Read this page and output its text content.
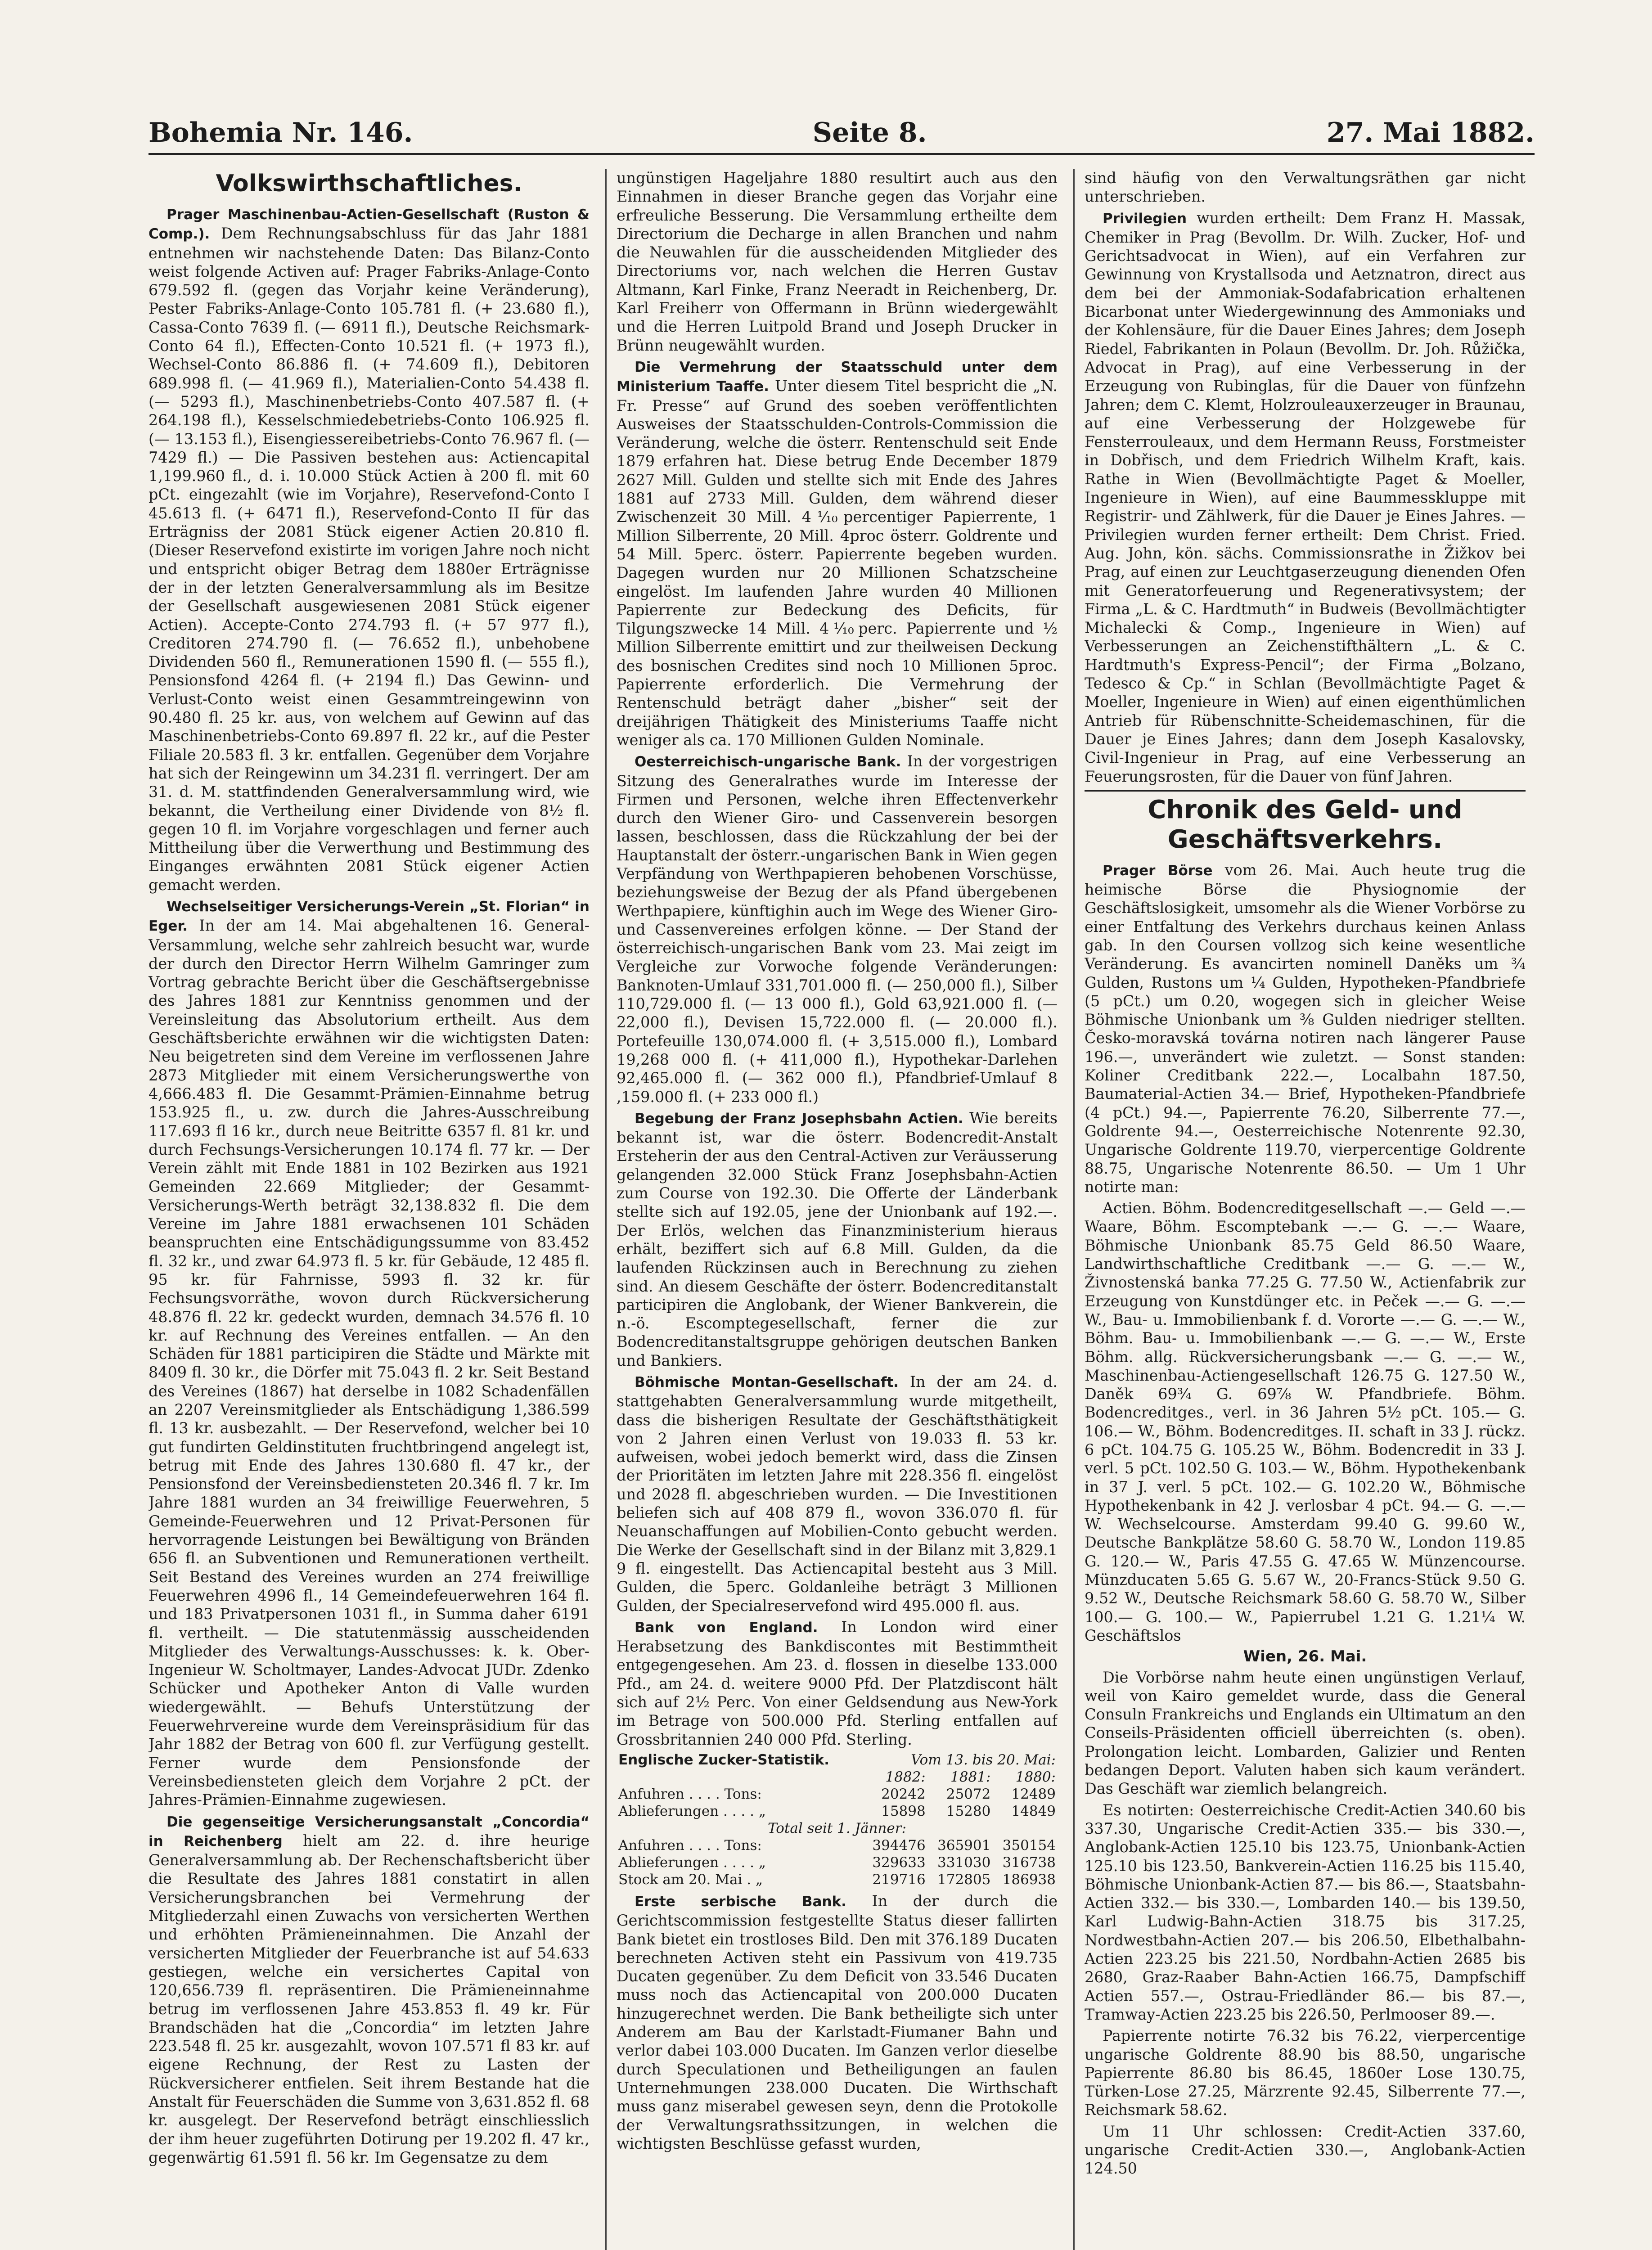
Bohemia Nr. 146.	Seite 8.	27. Mai 1882.
Volkswirthschaftliches.

Prager Maschinenbau-Actien-Gesellschaft (Ruston & Comp.). Dem Rechnungsabschluss für das Jahr 1881 entnehmen wir nachstehende Daten: Das Bilanz-Conto weist folgende Activen auf: Prager Fabriks-Anlage-Conto 679.592 fl. (gegen das Vorjahr keine Veränderung), Pester Fabriks-Anlage-Conto 105.781 fl. (+ 23.680 fl.), Cassa-Conto 7639 fl. (— 6911 fl.), Deutsche Reichsmark-Conto 64 fl.), Effecten-Conto 10.521 fl. (+ 1973 fl.), Wechsel-Conto 86.886 fl. (+ 74.609 fl.), Debitoren 689.998 fl. (— 41.969 fl.), Materialien-Conto 54.438 fl. (— 5293 fl.), Maschinenbetriebs-Conto 407.587 fl. (+ 264.198 fl.), Kesselschmiedebetriebs-Conto 106.925 fl. (— 13.153 fl.), Eisengiessereibetriebs-Conto 76.967 fl. (— 7429 fl.) — Die Passiven bestehen aus: Actiencapital 1,199.960 fl., d. i. 10.000 Stück Actien à 200 fl. mit 60 pCt. eingezahlt (wie im Vorjahre), Reservefond-Conto I 45.613 fl. (+ 6471 fl.), Reservefond-Conto II für das Erträgniss der 2081 Stück eigener Actien 20.810 fl. (Dieser Reservefond existirte im vorigen Jahre noch nicht und entspricht obiger Betrag dem 1880er Erträgnisse der in der letzten Generalversammlung als im Besitze der Gesellschaft ausgewiesenen 2081 Stück eigener Actien). Accepte-Conto 274.793 fl. (+ 57 977 fl.), Creditoren 274.790 fl. (— 76.652 fl.), unbehobene Dividenden 560 fl., Remunerationen 1590 fl. (— 555 fl.), Pensionsfond 4264 fl. (+ 2194 fl.) Das Gewinn- und Verlust-Conto weist einen Gesammtreingewinn von 90.480 fl. 25 kr. aus, von welchem auf Gewinn auf das Maschinenbetriebs-Conto 69.897 fl. 22 kr., auf die Pester Filiale 20.583 fl. 3 kr. entfallen. Gegenüber dem Vorjahre hat sich der Reingewinn um 34.231 fl. verringert. Der am 31. d. M. stattfindenden Generalversammlung wird, wie bekannt, die Vertheilung einer Dividende von 8½ fl. gegen 10 fl. im Vorjahre vorgeschlagen und ferner auch Mittheilung über die Verwerthung und Bestimmung des Einganges erwähnten 2081 Stück eigener Actien gemacht werden.

Wechselseitiger Versicherungs-Verein „St. Florian“ in Eger. In der am 14. Mai abgehaltenen 16. General-Versammlung, welche sehr zahlreich besucht war, wurde der durch den Director Herrn Wilhelm Gamringer zum Vortrag gebrachte Bericht über die Geschäftsergebnisse des Jahres 1881 zur Kenntniss genommen und der Vereinsleitung das Absolutorium ertheilt. Aus dem Geschäftsberichte erwähnen wir die wichtigsten Daten: Neu beigetreten sind dem Vereine im verflossenen Jahre 2873 Mitglieder mit einem Versicherungswerthe von 4,666.483 fl. Die Gesammt-Prämien-Einnahme betrug 153.925 fl., u. zw. durch die Jahres-Ausschreibung 117.693 fl 16 kr., durch neue Beitritte 6357 fl. 81 kr. und durch Fechsungs-Versicherungen 10.174 fl. 77 kr. — Der Verein zählt mit Ende 1881 in 102 Bezirken aus 1921 Gemeinden 22.669 Mitglieder; der Gesammt-Versicherungs-Werth beträgt 32,138.832 fl. Die dem Vereine im Jahre 1881 erwachsenen 101 Schäden beanspruchten eine Entschädigungssumme von 83.452 fl. 32 kr., und zwar 64.973 fl. 5 kr. für Gebäude, 12 485 fl. 95 kr. für Fahrnisse, 5993 fl. 32 kr. für Fechsungsvorräthe, wovon durch Rückversicherung 48.876 fl. 22 kr. gedeckt wurden, demnach 34.576 fl. 10 kr. auf Rechnung des Vereines entfallen. — An den Schäden für 1881 participiren die Städte und Märkte mit 8409 fl. 30 kr., die Dörfer mit 75.043 fl. 2 kr. Seit Bestand des Vereines (1867) hat derselbe in 1082 Schadenfällen an 2207 Vereinsmitglieder als Entschädigung 1,386.599 fl. 13 kr. ausbezahlt. — Der Reservefond, welcher bei 10 gut fundirten Geldinstituten fruchtbringend angelegt ist, betrug mit Ende des Jahres 130.680 fl. 47 kr., der Pensionsfond der Vereinsbediensteten 20.346 fl. 7 kr. Im Jahre 1881 wurden an 34 freiwillige Feuerwehren, 5 Gemeinde-Feuerwehren und 12 Privat-Personen für hervorragende Leistungen bei Bewältigung von Bränden 656 fl. an Subventionen und Remunerationen vertheilt. Seit Bestand des Vereines wurden an 274 freiwillige Feuerwehren 4996 fl., 14 Gemeindefeuerwehren 164 fl. und 183 Privatpersonen 1031 fl., in Summa daher 6191 fl. vertheilt. — Die statutenmässig ausscheidenden Mitglieder des Verwaltungs-Ausschusses: k. k. Ober-Ingenieur W. Scholtmayer, Landes-Advocat JUDr. Zdenko Schücker und Apotheker Anton di Valle wurden wiedergewählt. — Behufs Unterstützung der Feuerwehrvereine wurde dem Vereinspräsidium für das Jahr 1882 der Betrag von 600 fl. zur Verfügung gestellt. Ferner wurde dem Pensionsfonde der Vereinsbediensteten gleich dem Vorjahre 2 pCt. der Jahres-Prämien-Einnahme zugewiesen.

Die gegenseitige Versicherungsanstalt „Concordia“ in Reichenberg hielt am 22. d. ihre heurige Generalversammlung ab. Der Rechenschaftsbericht über die Resultate des Jahres 1881 constatirt in allen Versicherungsbranchen bei Vermehrung der Mitgliederzahl einen Zuwachs von versicherten Werthen und erhöhten Prämieneinnahmen. Die Anzahl der versicherten Mitglieder der Feuerbranche ist auf 54.633 gestiegen, welche ein versichertes Capital von 120,656.739 fl. repräsentiren. Die Prämieneinnahme betrug im verflossenen Jahre 453.853 fl. 49 kr. Für Brandschäden hat die „Concordia“ im letzten Jahre 223.548 fl. 25 kr. ausgezahlt, wovon 107.571 fl 83 kr. auf eigene Rechnung, der Rest zu Lasten der Rückversicherer entfielen. Seit ihrem Bestande hat die Anstalt für Feuerschäden die Summe von 3,631.852 fl. 68 kr. ausgelegt. Der Reservefond beträgt einschliesslich der ihm heuer zugeführten Dotirung per 19.202 fl. 47 kr., gegenwärtig 61.591 fl. 56 kr. Im Gegensatze zu dem

ungünstigen Hageljahre 1880 resultirt auch aus den Einnahmen in dieser Branche gegen das Vorjahr eine erfreuliche Besserung. Die Versammlung ertheilte dem Directorium die Decharge in allen Branchen und nahm die Neuwahlen für die ausscheidenden Mitglieder des Directoriums vor, nach welchen die Herren Gustav Altmann, Karl Finke, Franz Neeradt in Reichenberg, Dr. Karl Freiherr von Offermann in Brünn wiedergewählt und die Herren Luitpold Brand und Joseph Drucker in Brünn neugewählt wurden.

Die Vermehrung der Staatsschuld unter dem Ministerium Taaffe. Unter diesem Titel bespricht die „N. Fr. Presse“ auf Grund des soeben veröffentlichten Ausweises der Staatsschulden-Controls-Commission die Veränderung, welche die österr. Rentenschuld seit Ende 1879 erfahren hat. Diese betrug Ende December 1879 2627 Mill. Gulden und stellte sich mit Ende des Jahres 1881 auf 2733 Mill. Gulden, dem während dieser Zwischenzeit 30 Mill. 4⅒percentiger Papierrente, 1 Million Silberrente, 20 Mill. 4proc österr. Goldrente und 54 Mill. 5perc. österr. Papierrente begeben wurden. Dagegen wurden nur 20 Millionen Schatzscheine eingelöst. Im laufenden Jahre wurden 40 Millionen Papierrente zur Bedeckung des Deficits, für Tilgungszwecke 14 Mill. 4⅒perc. Papierrente und ½ Million Silberrente emittirt und zur theilweisen Deckung des bosnischen Credites sind noch 10 Millionen 5proc. Papierrente erforderlich. Die Vermehrung der Rentenschuld beträgt daher „bisher“ seit der dreijährigen Thätigkeit des Ministeriums Taaffe nicht weniger als ca. 170 Millionen Gulden Nominale.

Oesterreichisch-ungarische Bank. In der vorgestrigen Sitzung des Generalrathes wurde im Interesse der Firmen und Personen, welche ihren Effectenverkehr durch den Wiener Giro- und Cassenverein besorgen lassen, beschlossen, dass die Rückzahlung der bei der Hauptanstalt der österr.-ungarischen Bank in Wien gegen Verpfändung von Werthpapieren behobenen Vorschüsse, beziehungsweise der Bezug der als Pfand übergebenen Werthpapiere, künftighin auch im Wege des Wiener Giro- und Cassenvereines erfolgen könne. — Der Stand der österreichisch-ungarischen Bank vom 23. Mai zeigt im Vergleiche zur Vorwoche folgende Veränderungen: Banknoten-Umlauf 331,701.000 fl. (— 250,000 fl.), Silber 110,729.000 fl. (— 13 000 fl.), Gold 63,921.000 fl. (— 22,000 fl.), Devisen 15,722.000 fl. (— 20.000 fl.). Portefeuille 130,074.000 fl. (+ 3,515.000 fl.), Lombard 19,268 000 fl. (+ 411,000 fl.), Hypothekar-Darlehen 92,465.000 fl. (— 362 000 fl.), Pfandbrief-Umlauf 8 ,159.000 fl. (+ 233 000 fl.)

Begebung der Franz Josephsbahn Actien. Wie bereits bekannt ist, war die österr. Bodencredit-Anstalt Ersteherin der aus den Central-Activen zur Veräusserung gelangenden 32.000 Stück Franz Josephsbahn-Actien zum Course von 192.30. Die Offerte der Länderbank stellte sich auf 192.05, jene der Unionbank auf 192.—. Der Erlös, welchen das Finanzministerium hieraus erhält, beziffert sich auf 6.8 Mill. Gulden, da die laufenden Rückzinsen auch in Berechnung zu ziehen sind. An diesem Geschäfte der österr. Bodencreditanstalt participiren die Anglobank, der Wiener Bankverein, die n.-ö. Escomptegesellschaft, ferner die zur Bodencreditanstaltsgruppe gehörigen deutschen Banken und Bankiers.

Böhmische Montan-Gesellschaft. In der am 24. d. stattgehabten Generalversammlung wurde mitgetheilt, dass die bisherigen Resultate der Geschäftsthätigkeit von 2 Jahren einen Verlust von 19.033 fl. 53 kr. aufweisen, wobei jedoch bemerkt wird, dass die Zinsen der Prioritäten im letzten Jahre mit 228.356 fl. eingelöst und 2028 fl. abgeschrieben wurden. — Die Investitionen beliefen sich auf 408 879 fl., wovon 336.070 fl. für Neuanschaffungen auf Mobilien-Conto gebucht werden. Die Werke der Gesellschaft sind in der Bilanz mit 3,829.1 9 fl. eingestellt. Das Actiencapital besteht aus 3 Mill. Gulden, die 5perc. Goldanleihe beträgt 3 Millionen Gulden, der Specialreservefond wird 495.000 fl. aus.

Bank von England. In London wird einer Herabsetzung des Bankdiscontes mit Bestimmtheit entgegengesehen. Am 23. d. flossen in dieselbe 133.000 Pfd., am 24. d. weitere 9000 Pfd. Der Platzdiscont hält sich auf 2½ Perc. Von einer Geldsendung aus New-York im Betrage von 500.000 Pfd. Sterling entfallen auf Grossbritannien 240 000 Pfd. Sterling.

Englische Zucker-Statistik.	Vom 13. bis 20. Mai:		
	1882:	1881:	1880:
Anfuhren . . . . Tons:	20242	25072	12489
Ablieferungen . . . . „	15898	15280	14849
Total seit 1. Jänner:			
Anfuhren . . . . Tons:	394476	365901	350154
Ablieferungen . . . . „	329633	331030	316738
Stock am 20. Mai . „	219716	172805	186938

Erste serbische Bank. In der durch die Gerichtscommission festgestellte Status dieser fallirten Bank bietet ein trostloses Bild. Den mit 376.189 Ducaten berechneten Activen steht ein Passivum von 419.735 Ducaten gegenüber. Zu dem Deficit von 33.546 Ducaten muss noch das Actiencapital von 200.000 Ducaten hinzugerechnet werden. Die Bank betheiligte sich unter Anderem am Bau der Karlstadt-Fiumaner Bahn und verlor dabei 103.000 Ducaten. Im Ganzen verlor dieselbe durch Speculationen und Betheiligungen an faulen Unternehmungen 238.000 Ducaten. Die Wirthschaft muss ganz miserabel gewesen seyn, denn die Protokolle der Verwaltungsrathssitzungen, in welchen die wichtigsten Beschlüsse gefasst wurden,

sind häufig von den Verwaltungsräthen gar nicht unterschrieben.

Privilegien wurden ertheilt: Dem Franz H. Massak, Chemiker in Prag (Bevollm. Dr. Wilh. Zucker, Hof- und Gerichtsadvocat in Wien), auf ein Verfahren zur Gewinnung von Krystallsoda und Aetznatron, direct aus dem bei der Ammoniak-Sodafabrication erhaltenen Bicarbonat unter Wiedergewinnung des Ammoniaks und der Kohlensäure, für die Dauer Eines Jahres; dem Joseph Riedel, Fabrikanten in Polaun (Bevollm. Dr. Joh. Růžička, Advocat in Prag), auf eine Verbesserung in der Erzeugung von Rubinglas, für die Dauer von fünfzehn Jahren; dem C. Klemt, Holzrouleauxerzeuger in Braunau, auf eine Verbesserung der Holzgewebe für Fensterrouleaux, und dem Hermann Reuss, Forstmeister in Dobřisch, und dem Friedrich Wilhelm Kraft, kais. Rathe in Wien (Bevollmächtigte Paget & Moeller, Ingenieure in Wien), auf eine Baummesskluppe mit Registrir- und Zählwerk, für die Dauer je Eines Jahres. — Privilegien wurden ferner ertheilt: Dem Christ. Fried. Aug. John, kön. sächs. Commissionsrathe in Žižkov bei Prag, auf einen zur Leuchtgaserzeugung dienenden Ofen mit Generatorfeuerung und Regenerativsystem; der Firma „L. & C. Hardtmuth“ in Budweis (Bevollmächtigter Michalecki & Comp., Ingenieure in Wien) auf Verbesserungen an Zeichenstifthältern „L. & C. Hardtmuth's Express-Pencil“; der Firma „Bolzano, Tedesco & Cp.“ in Schlan (Bevollmächtigte Paget & Moeller, Ingenieure in Wien) auf einen eigenthümlichen Antrieb für Rübenschnitte-Scheidemaschinen, für die Dauer je Eines Jahres; dann dem Joseph Kasalovsky, Civil-Ingenieur in Prag, auf eine Verbesserung an Feuerungsrosten, für die Dauer von fünf Jahren.

Chronik des Geld- und Geschäftsverkehrs.

Prager Börse vom 26. Mai. Auch heute trug die heimische Börse die Physiognomie der Geschäftslosigkeit, umsomehr als die Wiener Vorbörse zu einer Entfaltung des Verkehrs durchaus keinen Anlass gab. In den Coursen vollzog sich keine wesentliche Veränderung. Es avancirten nominell Daněks um ¾ Gulden, Rustons um ¼ Gulden, Hypotheken-Pfandbriefe (5 pCt.) um 0.20, wogegen sich in gleicher Weise Böhmische Unionbank um ⅜ Gulden niedriger stellten. Česko-moravská továrna notiren nach längerer Pause 196.—, unverändert wie zuletzt. — Sonst standen: Koliner Creditbank 222.—, Localbahn 187.50, Baumaterial-Actien 34.— Brief, Hypotheken-Pfandbriefe (4 pCt.) 94.—, Papierrente 76.20, Silberrente 77.—, Goldrente 94.—, Oesterreichische Notenrente 92.30, Ungarische Goldrente 119.70, vierpercentige Goldrente 88.75, Ungarische Notenrente 86.50. — Um 1 Uhr notirte man:

Actien. Böhm. Bodencreditgesellschaft —.— Geld —.— Waare, Böhm. Escomptebank —.— G. —.— Waare, Böhmische Unionbank 85.75 Geld 86.50 Waare, Landwirthschaftliche Creditbank —.— G. —.— W., Živnostenská banka 77.25 G. 77.50 W., Actienfabrik zur Erzeugung von Kunstdünger etc. in Peček —.— G. —.— W., Bau- u. Immobilienbank f. d. Vororte —.— G. —.— W., Böhm. Bau- u. Immobilienbank —.— G. —.— W., Erste Böhm. allg. Rückversicherungsbank —.— G. —.— W., Maschinenbau-Actiengesellschaft 126.75 G. 127.50 W., Daněk 69¾ G. 69⅞ W. Pfandbriefe. Böhm. Bodencreditges., verl. in 36 Jahren 5½ pCt. 105.— G. 106.— W., Böhm. Bodencreditges. II. schaft in 33 J. rückz. 6 pCt. 104.75 G. 105.25 W., Böhm. Bodencredit in 33 J. verl. 5 pCt. 102.50 G. 103.— W., Böhm. Hypothekenbank in 37 J. verl. 5 pCt. 102.— G. 102.20 W., Böhmische Hypothekenbank in 42 J. verlosbar 4 pCt. 94.— G. —.— W. Wechselcourse. Amsterdam 99.40 G. 99.60 W., Deutsche Bankplätze 58.60 G. 58.70 W., London 119.85 G. 120.— W., Paris 47.55 G. 47.65 W. Münzencourse. Münzducaten 5.65 G. 5.67 W., 20-Francs-Stück 9.50 G. 9.52 W., Deutsche Reichsmark 58.60 G. 58.70 W., Silber 100.— G. 100.— W., Papierrubel 1.21 G. 1.21¼ W. Geschäftslos

Wien, 26. Mai.

Die Vorbörse nahm heute einen ungünstigen Verlauf, weil von Kairo gemeldet wurde, dass die General Consuln Frankreichs und Englands ein Ultimatum an den Conseils-Präsidenten officiell überreichten (s. oben). Prolongation leicht. Lombarden, Galizier und Renten bedangen Deport. Valuten haben sich kaum verändert. Das Geschäft war ziemlich belangreich.

Es notirten: Oesterreichische Credit-Actien 340.60 bis 337.30, Ungarische Credit-Actien 335.— bis 330.—, Anglobank-Actien 125.10 bis 123.75, Unionbank-Actien 125.10 bis 123.50, Bankverein-Actien 116.25 bis 115.40, Böhmische Unionbank-Actien 87.— bis 86.—, Staatsbahn-Actien 332.— bis 330.—, Lombarden 140.— bis 139.50, Karl Ludwig-Bahn-Actien 318.75 bis 317.25, Nordwestbahn-Actien 207.— bis 206.50, Elbethalbahn-Actien 223.25 bis 221.50, Nordbahn-Actien 2685 bis 2680, Graz-Raaber Bahn-Actien 166.75, Dampfschiff Actien 557.—, Ostrau-Friedländer 86.— bis 87.—, Tramway-Actien 223.25 bis 226.50, Perlmooser 89.—.

Papierrente notirte 76.32 bis 76.22, vierpercentige ungarische Goldrente 88.90 bis 88.50, ungarische Papierrente 86.80 bis 86.45, 1860er Lose 130.75, Türken-Lose 27.25, Märzrente 92.45, Silberrente 77.—, Reichsmark 58.62.

Um 11 Uhr schlossen: Credit-Actien 337.60, ungarische Credit-Actien 330.—, Anglobank-Actien 124.50
